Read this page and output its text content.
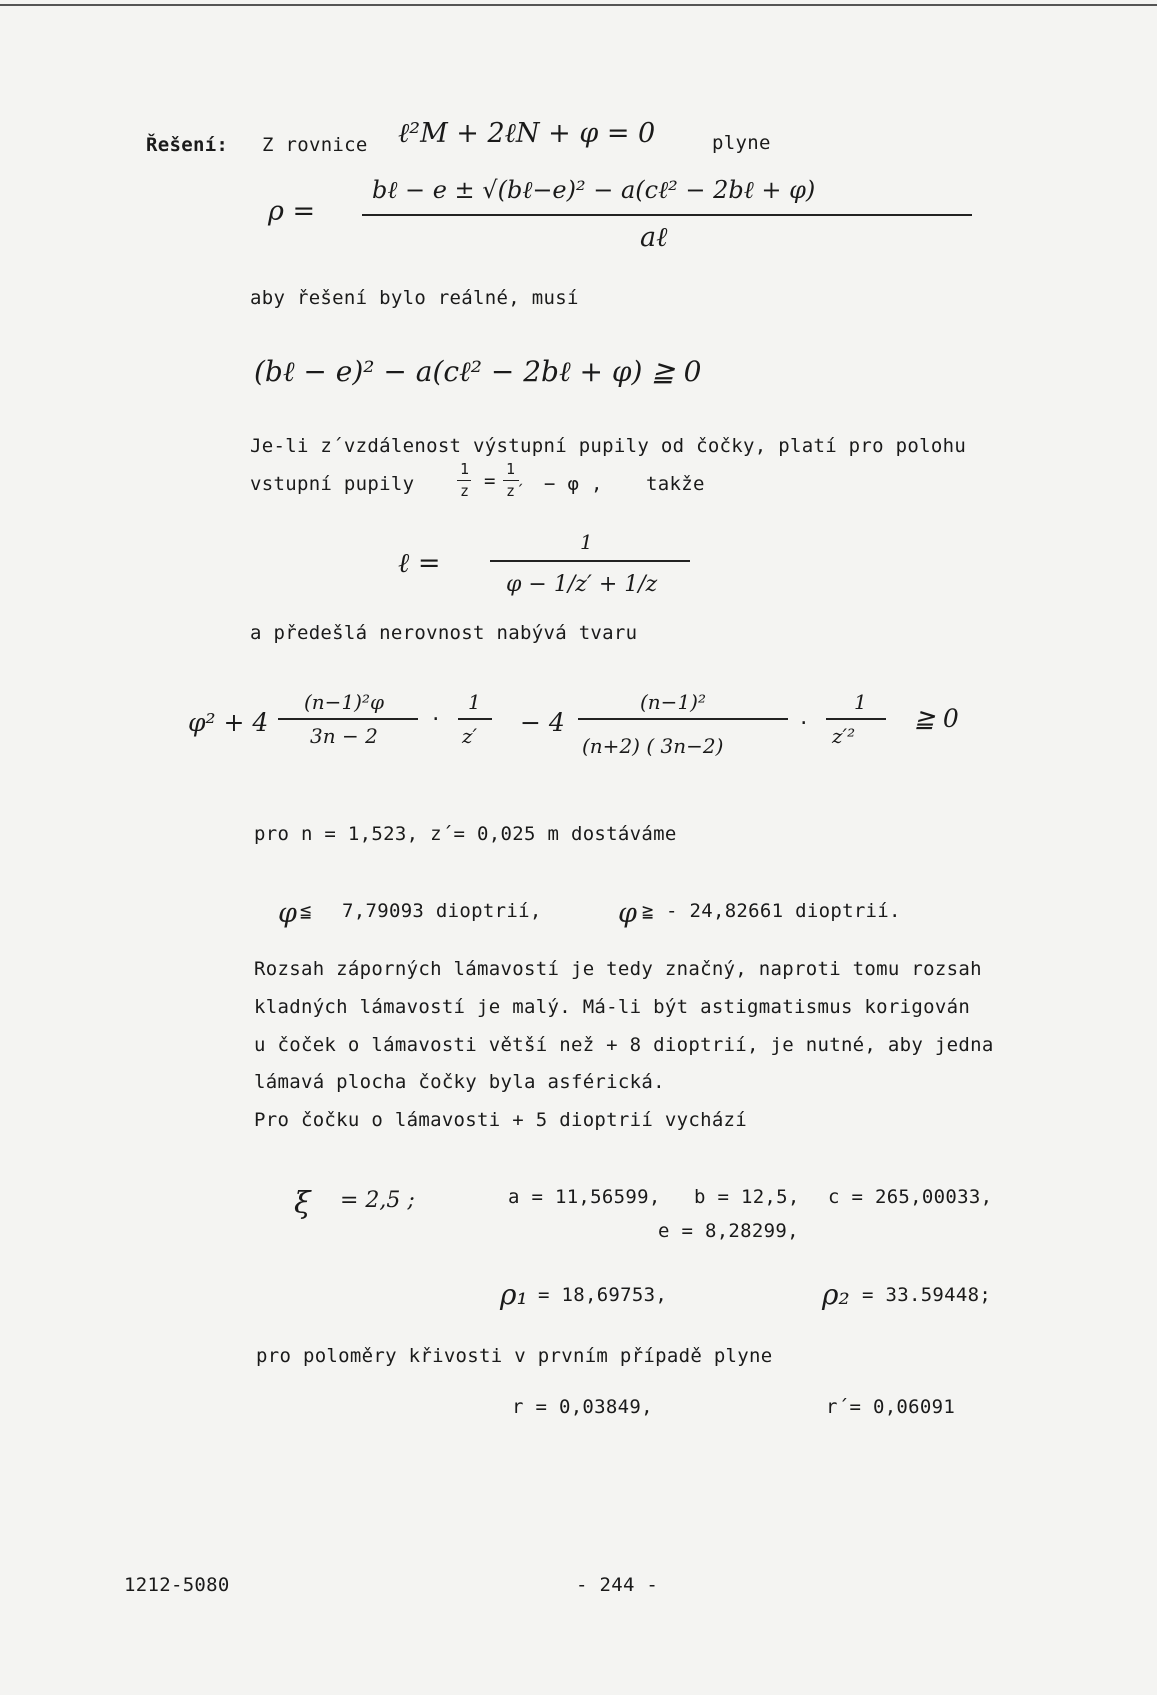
Řešení: Z rovnice ℓ²M + 2ℓN + φ = 0	plyne
ρ =
bℓ − e ± √(bℓ−e)² − a(cℓ² − 2bℓ + φ)
aℓ
aby řešení bylo reálné, musí
(bℓ − e)² − a(cℓ² − 2bℓ + φ) ≧ 0
Je-li z´vzdálenost výstupní pupily od čočky, platí pro polohu
vstupní pupily
1
z =
1
z´ − φ , takže
ℓ =
1
φ − 1/z′ + 1/z
a předešlá nerovnost nabývá tvaru
φ² + 4
(n−1)²φ
3n − 2
·
1
z′ − 4
(n−1)²
(n+2) ( 3n−2)
·
1
z′²
≧ 0
pro n = 1,523, z´= 0,025 m dostáváme
φ ≦ 7,79093 dioptrií,	φ ≧ - 24,82661 dioptrií.
Rozsah záporných lámavostí je tedy značný, naproti tomu rozsah
kladných lámavostí je malý. Má-li být astigmatismus korigován
u čoček o lámavosti větší než + 8 dioptrií, je nutné, aby jedna
lámavá plocha čočky byla asférická.
Pro čočku o lámavosti + 5 dioptrií vychází
ξ = 2,5 ;	a = 11,56599, b = 12,5, c = 265,00033,
e = 8,28299,
ρ₁ = 18,69753,	ρ₂ = 33.59448;
pro poloměry křivosti v prvním případě plyne
r = 0,03849,	r´= 0,06091
1212-5080	- 244 -
